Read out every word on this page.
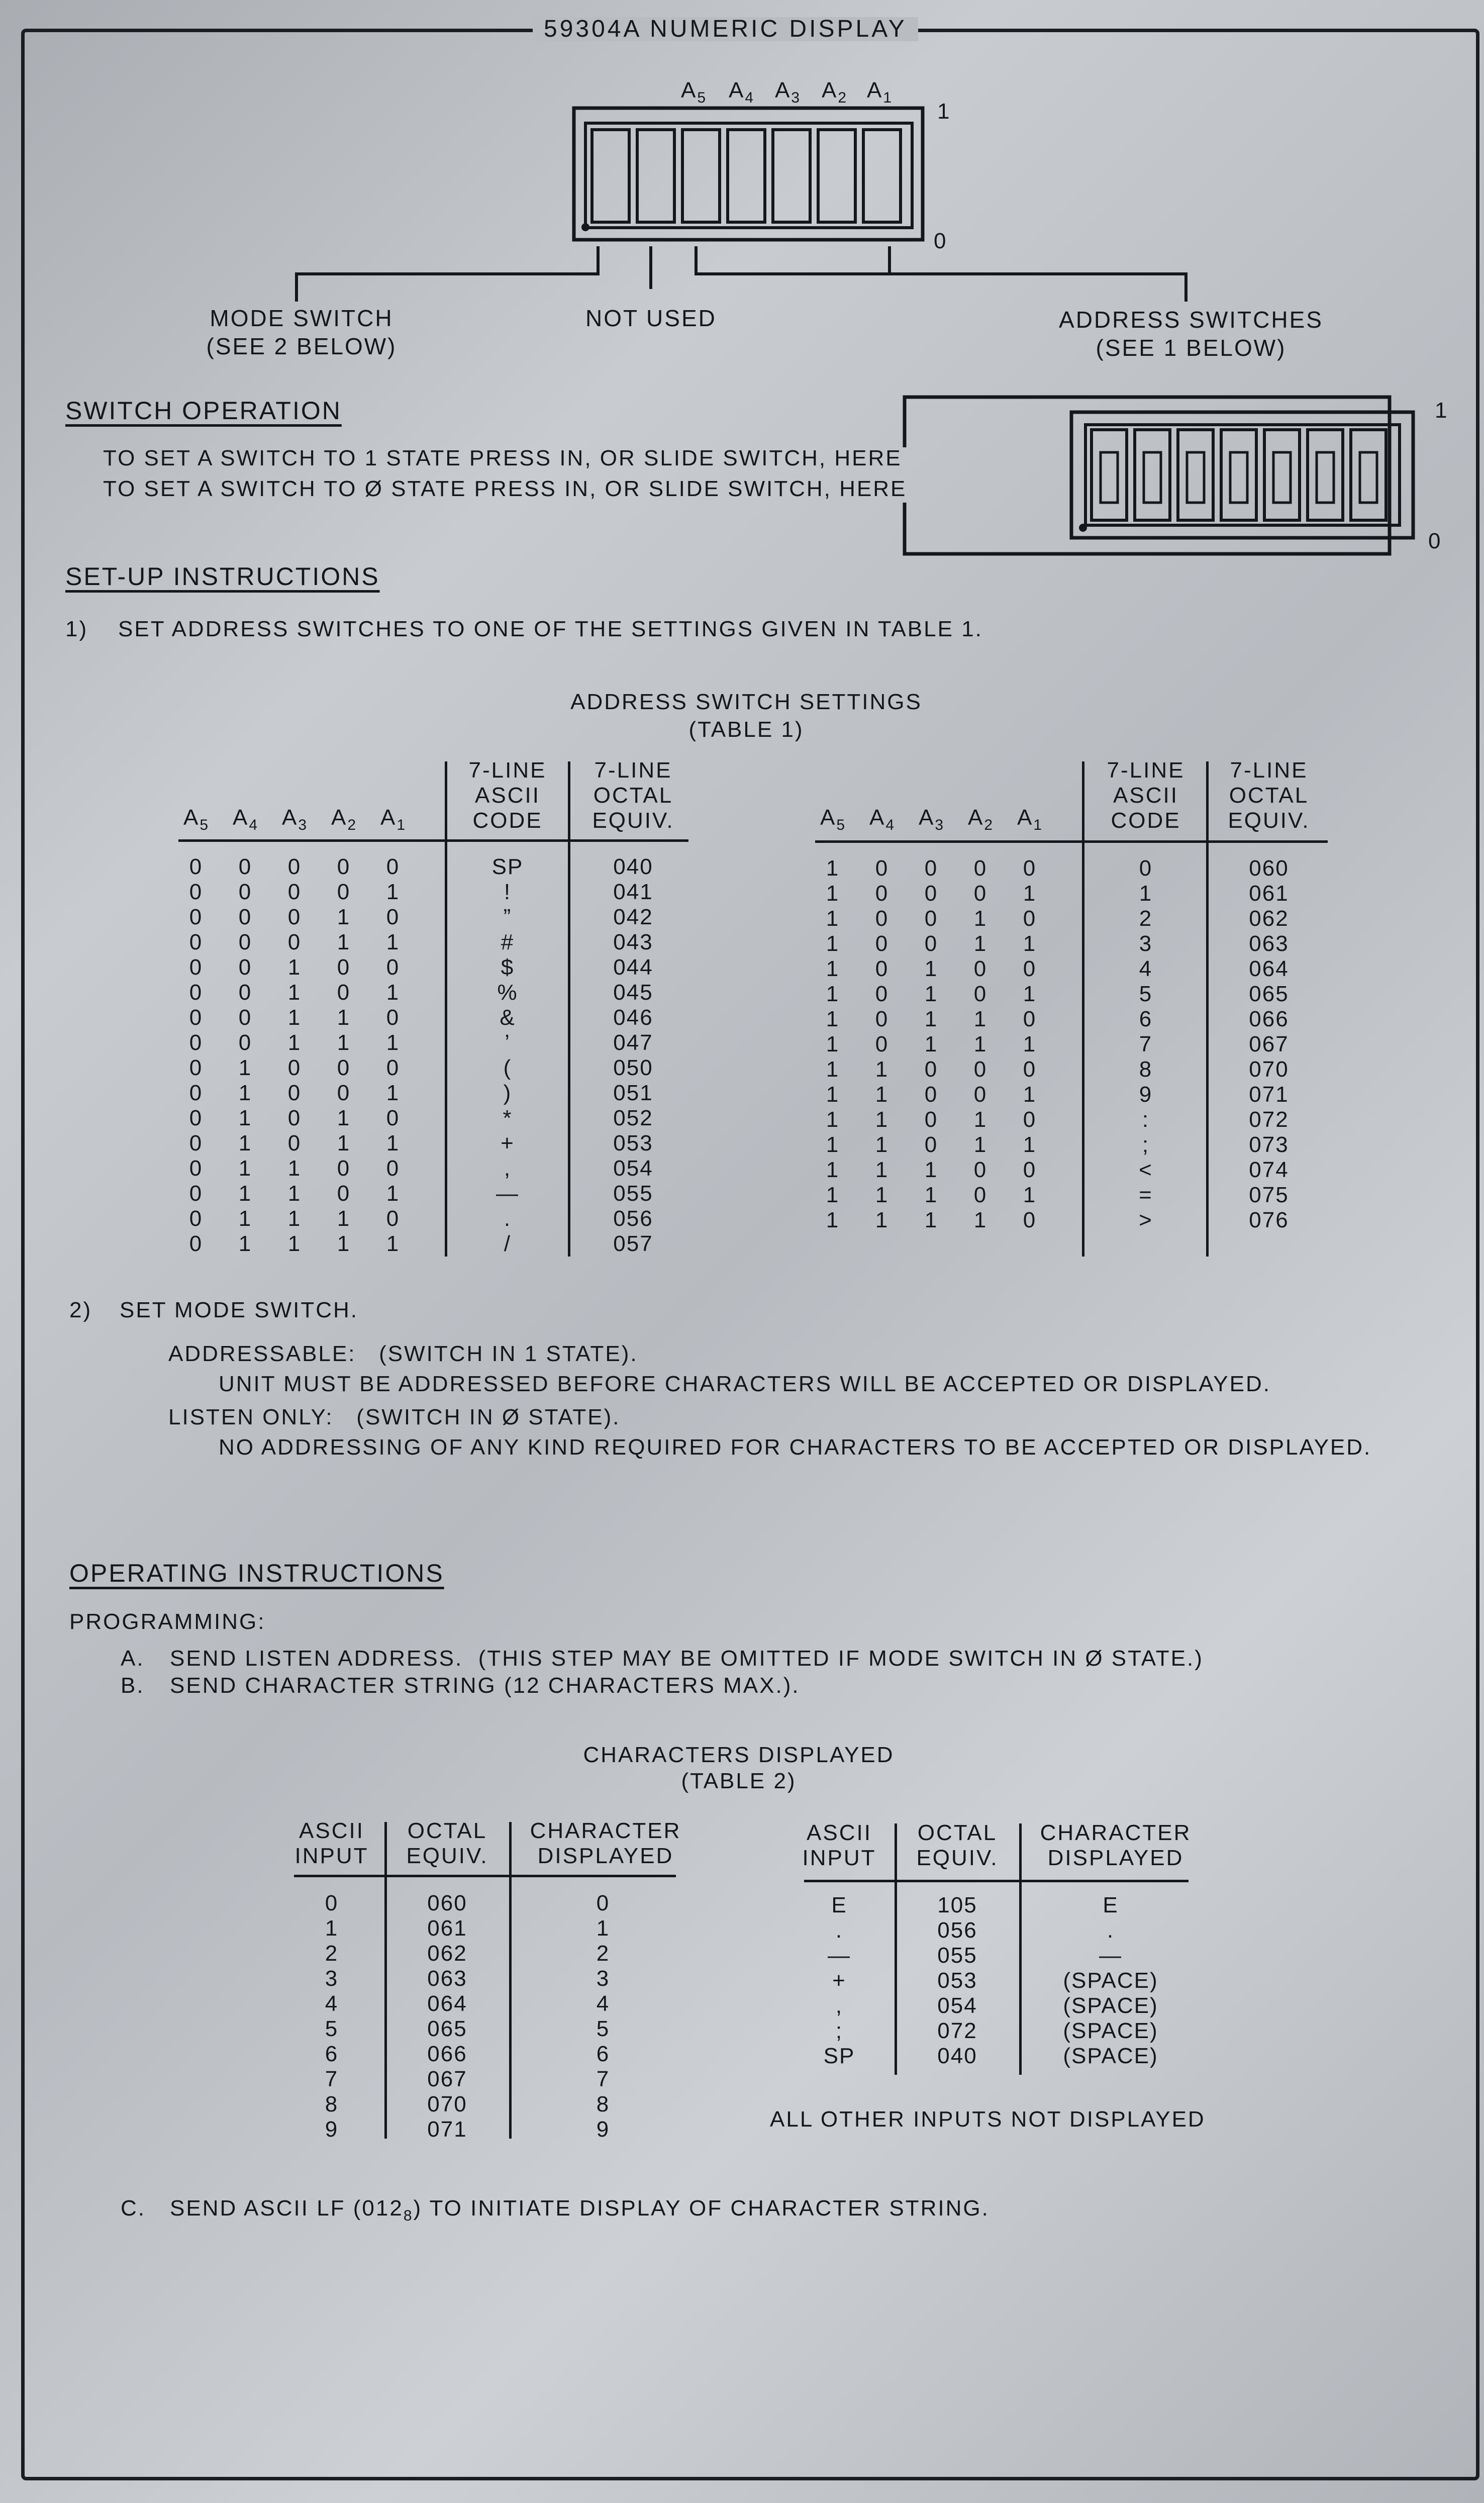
59304A NUMERIC DISPLAY
$A_5$ $A_4$ $A_3$ $A_2$ $A_1$
1
0
MODE SWITCH
(SEE 2 BELOW)
NOT USED	ADDRESS SWITCHES
(SEE 1 BELOW)
SWITCH OPERATION
TO SET A SWITCH TO 1 STATE PRESS IN, OR SLIDE SWITCH, HERE
TO SET A SWITCH TO Ø STATE PRESS IN, OR SLIDE SWITCH, HERE
1
0
SET-UP INSTRUCTIONS
1) SET ADDRESS SWITCHES TO ONE OF THE SETTINGS GIVEN IN TABLE 1.
ADDRESS SWITCH SETTINGS
(TABLE 1)
$A_5$ $A_4$ $A_3$ $A_2$ $A_1$
7-LINE
ASCII
CODE
7-LINE
OCTAL
EQUIV.
0
0
0
0
0
0
0
0
0
0
0
0
0
0
0
0
0
0
0
0
0
0
0
0
1
1
1
1
1
1
1
1
0
0
0
0
1
1
1
1
0
0
0
0
1
1
1
1
0
0
1
1
0
0
1
1
0
0
1
1
0
0
1
1
0
1
0
1
0
1
0
1
0
1
0
1
0
1
0
1
SP
!
”
#
$
%
&
’
(
)
*
+
,
—
.
/
040
041
042
043
044
045
046
047
050
051
052
053
054
055
056
057
$A_5$ $A_4$ $A_3$ $A_2$ $A_1$
7-LINE
ASCII
CODE
7-LINE
OCTAL
EQUIV.
1
1
1
1
1
1
1
1
1
1
1
1
1
1
1
0
0
0
0
0
0
0
0
1
1
1
1
1
1
1
0
0
0
0
1
1
1
1
0
0
0
0
1
1
1
0
0
1
1
0
0
1
1
0
0
1
1
0
0
1
0
1
0
1
0
1
0
1
0
1
0
1
0
1
0
0
1
2
3
4
5
6
7
8
9
:
;
<
=
>
060
061
062
063
064
065
066
067
070
071
072
073
074
075
076
2) SET MODE SWITCH.
ADDRESSABLE:   (SWITCH IN 1 STATE).
UNIT MUST BE ADDRESSED BEFORE CHARACTERS WILL BE ACCEPTED OR DISPLAYED.
LISTEN ONLY:   (SWITCH IN Ø STATE).
NO ADDRESSING OF ANY KIND REQUIRED FOR CHARACTERS TO BE ACCEPTED OR DISPLAYED.
OPERATING INSTRUCTIONS
PROGRAMMING:
A. SEND LISTEN ADDRESS.  (THIS STEP MAY BE OMITTED IF MODE SWITCH IN Ø STATE.)
B. SEND CHARACTER STRING (12 CHARACTERS MAX.).
CHARACTERS DISPLAYED
(TABLE 2)
ASCII
INPUT
OCTAL
EQUIV.
CHARACTER
DISPLAYED
0
1
2
3
4
5
6
7
8
9
060
061
062
063
064
065
066
067
070
071
0
1
2
3
4
5
6
7
8
9
ASCII
INPUT
OCTAL
EQUIV.
CHARACTER
DISPLAYED
E
.
—
+
,
;
SP
105
056
055
053
054
072
040
E
.
—
(SPACE)
(SPACE)
(SPACE)
(SPACE)
ALL OTHER INPUTS NOT DISPLAYED
C. SEND ASCII LF $(012_8)$ TO INITIATE DISPLAY OF CHARACTER STRING.
